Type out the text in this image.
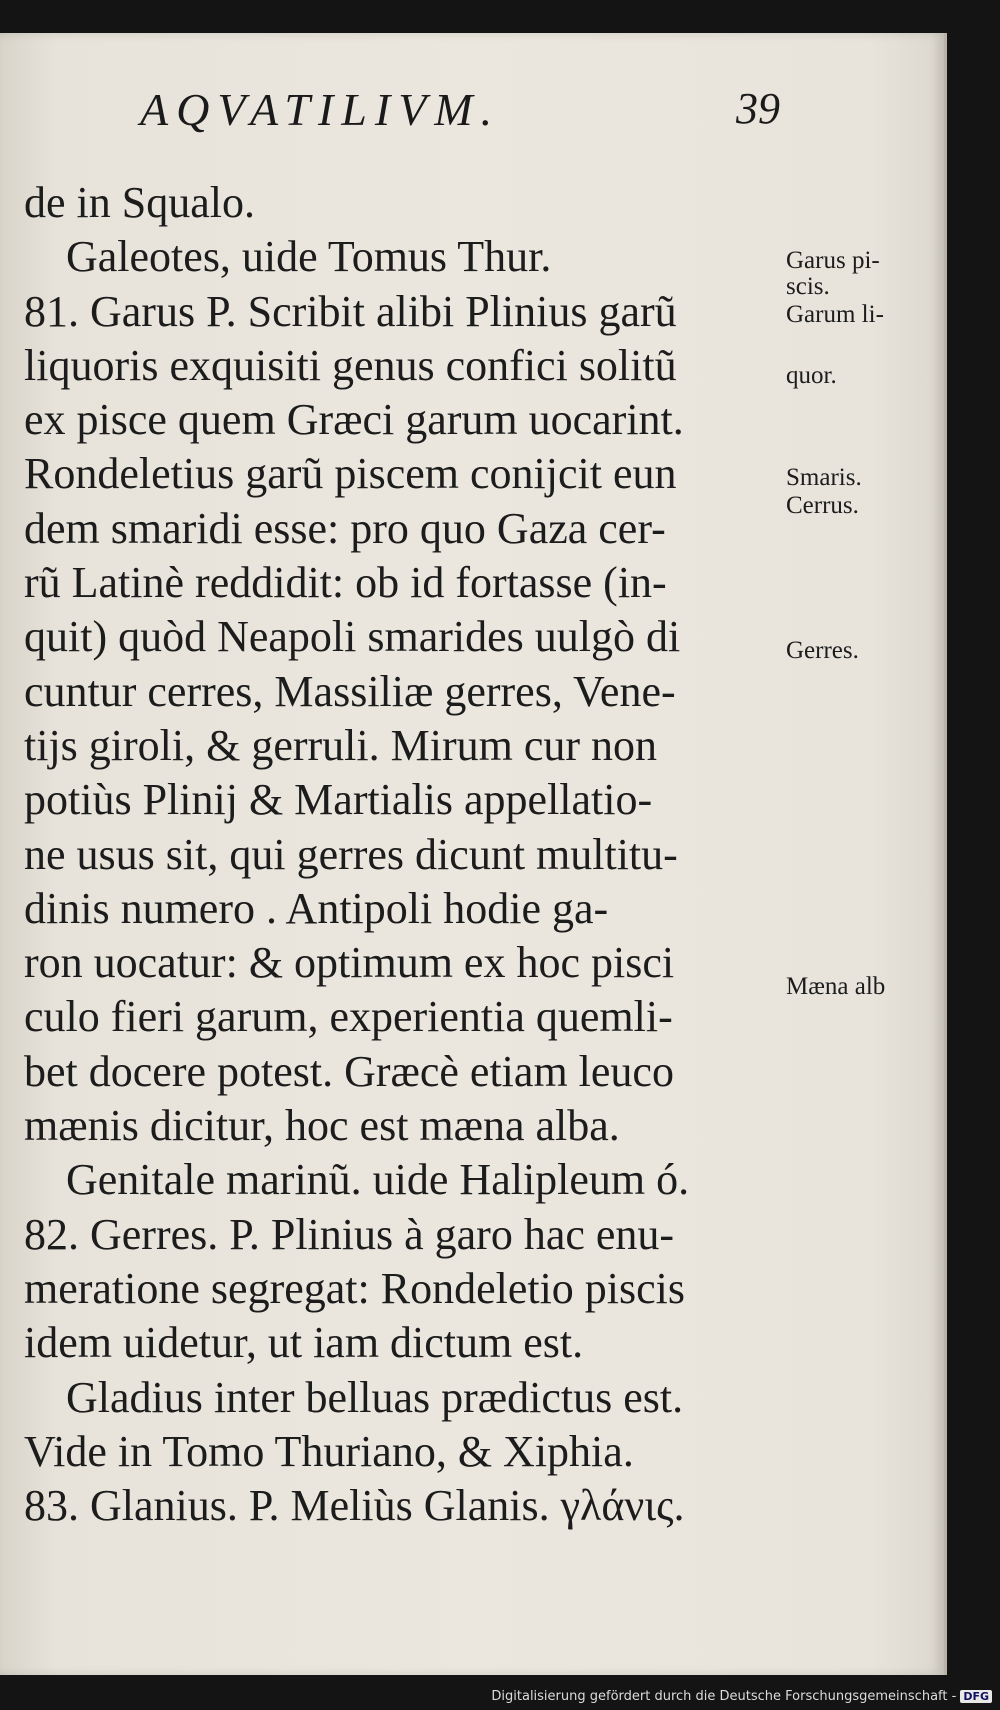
AQVATILIVM.	39
de in Squalo.
Galeotes, uide Tomus Thur.
81. Garus P. Scribit alibi Plinius garũ
liquoris exquisiti genus confici solitũ
ex pisce quem Græci garum uocarint.
Rondeletius garũ piscem conijcit eun
dem smaridi esse: pro quo Gaza cer-
rũ Latinè reddidit: ob id fortasse (in-
quit) quòd Neapoli smarides uulgò di
cuntur cerres, Massiliæ gerres, Vene-
tijs giroli, & gerruli. Mirum cur non
potiùs Plinij & Martialis appellatio-
ne usus sit, qui gerres dicunt multitu-
dinis numero . Antipoli hodie ga-
ron uocatur: & optimum ex hoc pisci
culo fieri garum, experientia quemli-
bet docere potest. Græcè etiam leuco
mænis dicitur, hoc est mæna alba.
Genitale marinũ. uide Halipleum ó.
82. Gerres. P. Plinius à garo hac enu-
meratione segregat: Rondeletio piscis
idem uidetur, ut iam dictum est.
Gladius inter belluas prædictus est.
Vide in Tomo Thuriano, & Xiphia.
83. Glanius. P. Meliùs Glanis. γλάνις.
Garus pi-
scis.
Garum li-
quor.
Smaris.
Cerrus.
Gerres.
Mæna alb
Digitalisierung gefördert durch die Deutsche Forschungsgemeinschaft - DFG
